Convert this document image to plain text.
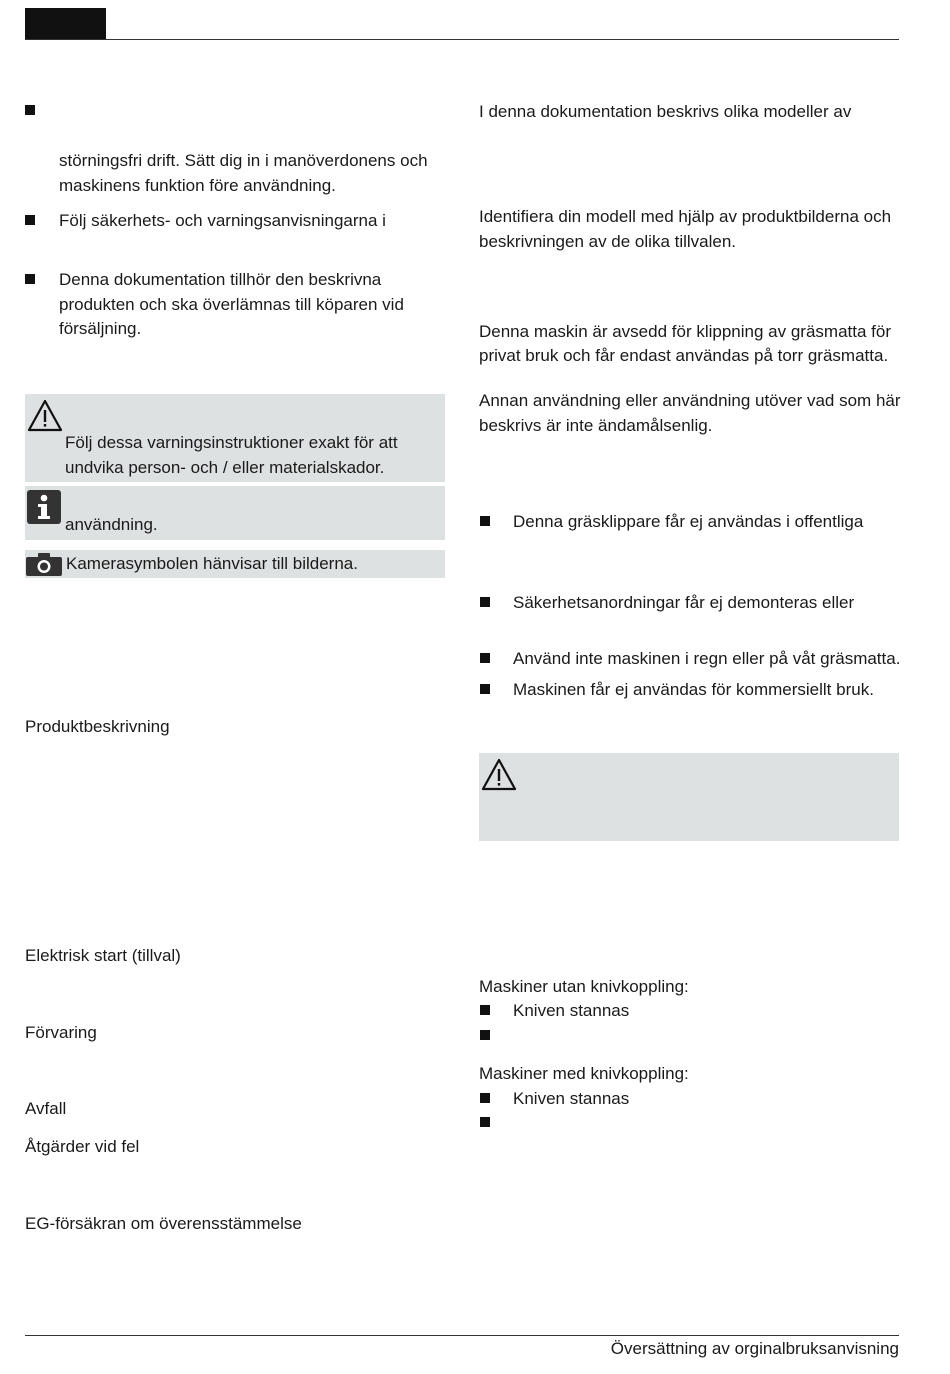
störningsfri drift. Sätt dig in i manöverdonens och
maskinens funktion före användning.
Följ säkerhets- och varningsanvisningarna i
Denna dokumentation tillhör den beskrivna
produkten och ska överlämnas till köparen vid
försäljning.
Följ dessa varningsinstruktioner exakt för att
undvika person- och / eller materialskador.
användning.
Kamerasymbolen hänvisar till bilderna.
Produktbeskrivning
Elektrisk start (tillval)
Förvaring
Avfall
Åtgärder vid fel
EG-försäkran om överensstämmelse
I denna dokumentation beskrivs olika modeller av
Identifiera din modell med hjälp av produktbilderna och
beskrivningen av de olika tillvalen.
Denna maskin är avsedd för klippning av gräsmatta för
privat bruk och får endast användas på torr gräsmatta.
Annan användning eller användning utöver vad som här
beskrivs är inte ändamålsenlig.
Denna gräsklippare får ej användas i offentliga
Säkerhetsanordningar får ej demonteras eller
Använd inte maskinen i regn eller på våt gräsmatta.
Maskinen får ej användas för kommersiellt bruk.
Maskiner utan knivkoppling:
Kniven stannas
Maskiner med knivkoppling:
Kniven stannas
Översättning av orginalbruksanvisning
